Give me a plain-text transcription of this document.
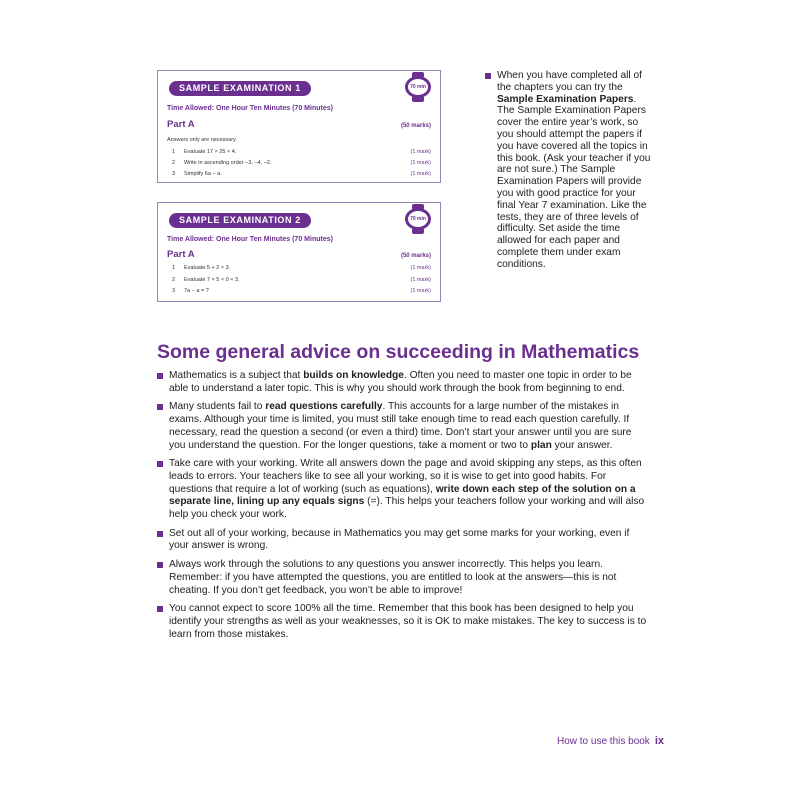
SAMPLE EXAMINATION 1	70 min
Time Allowed: One Hour Ten Minutes (70 Minutes)
Part A	(50 marks)
Answers only are necessary.
1 Evaluate 17 × 25 × 4.	(1 mark)
2 Write in ascending order −3, −4, −2.	(1 mark)
3 Simplify 6a − a.	(1 mark)
SAMPLE EXAMINATION 2	70 min
Time Allowed: One Hour Ten Minutes (70 Minutes)
Part A	(50 marks)
1 Evaluate 5 + 2 × 3.	(1 mark)
2 Evaluate 7 × 5 × 0 × 3.	(1 mark)
3 7a − a = ?	(1 mark)
When you have completed all of the chapters you can try the Sample Examination Papers. The Sample Examination Papers cover the entire year’s work, so you should attempt the papers if you have covered all the topics in this book. (Ask your teacher if you are not sure.) The Sample Examination Papers will provide you with good practice for your final Year 7 examination. Like the tests, they are of three levels of difficulty. Set aside the time allowed for each paper and complete them under exam conditions.
Some general advice on succeeding in Mathematics
Mathematics is a subject that builds on knowledge. Often you need to master one topic in order to be able to understand a later topic. This is why you should work through the book from beginning to end.
Many students fail to read questions carefully. This accounts for a large number of the mistakes in exams. Although your time is limited, you must still take enough time to read each question carefully. If necessary, read the question a second (or even a third) time. Don’t start your answer until you are sure you understand the question. For the longer questions, take a moment or two to plan your answer.
Take care with your working. Write all answers down the page and avoid skipping any steps, as this often leads to errors. Your teachers like to see all your working, so it is wise to get into good habits. For questions that require a lot of working (such as equations), write down each step of the solution on a separate line, lining up any equals signs (=). This helps your teachers follow your working and will also help you check your work.
Set out all of your working, because in Mathematics you may get some marks for your working, even if your answer is wrong.
Always work through the solutions to any questions you answer incorrectly. This helps you learn. Remember: if you have attempted the questions, you are entitled to look at the answers—this is not cheating. If you don’t get feedback, you won’t be able to improve!
You cannot expect to score 100% all the time. Remember that this book has been designed to help you identify your strengths as well as your weaknesses, so it is OK to make mistakes. The key to success is to learn from those mistakes.
How to use this book ix
